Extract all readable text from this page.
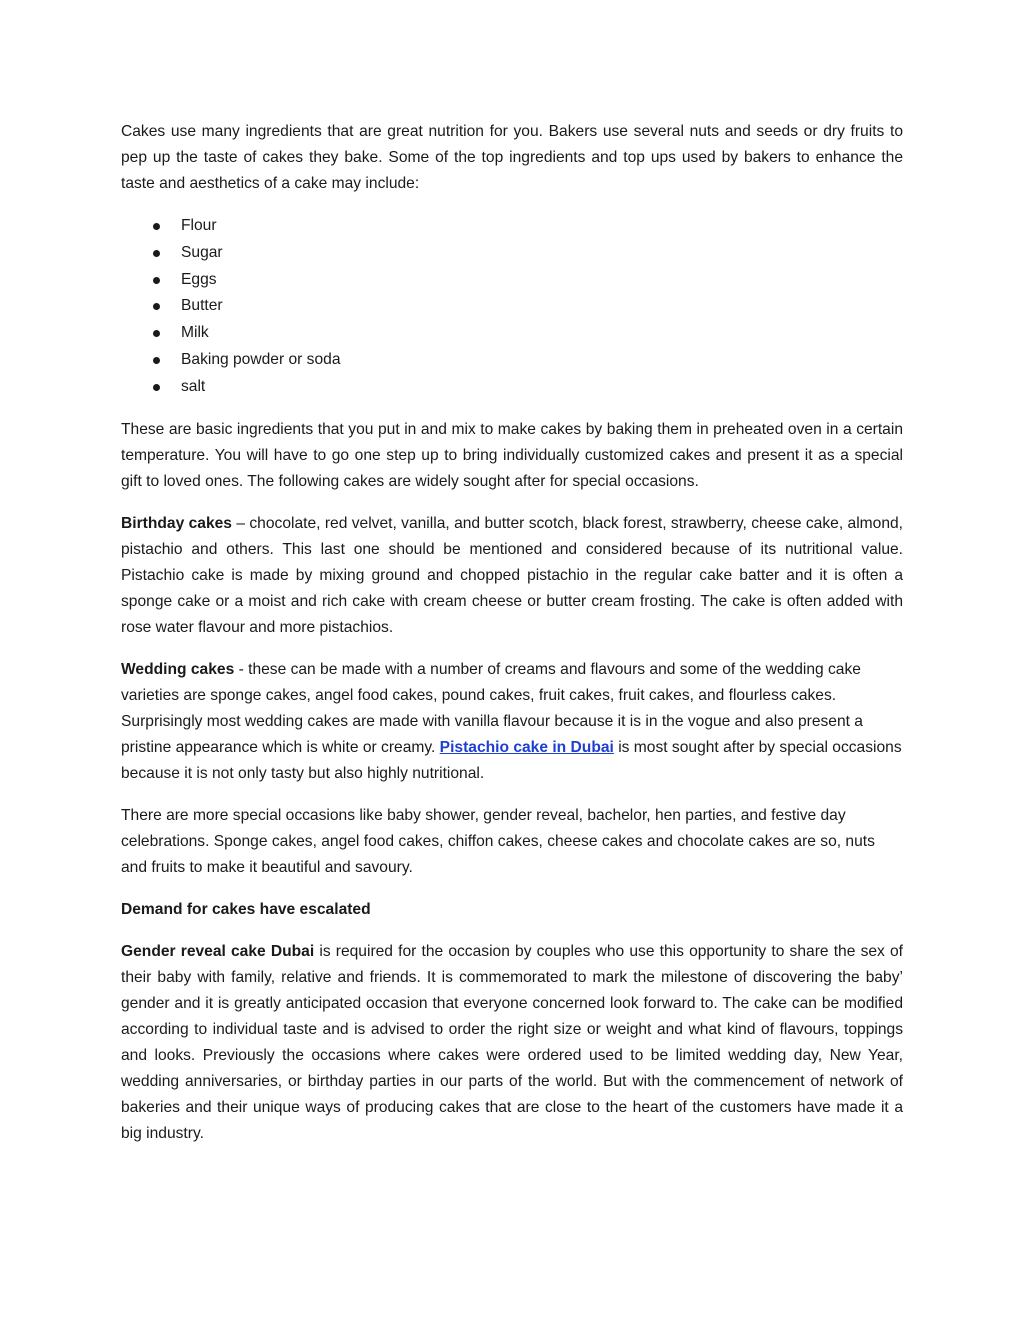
Cakes use many ingredients that are great nutrition for you. Bakers use several nuts and seeds or dry fruits to pep up the taste of cakes they bake. Some of the top ingredients and top ups used by bakers to enhance the taste and aesthetics of a cake may include:

Flour
Sugar
Eggs
Butter
Milk
Baking powder or soda
salt

These are basic ingredients that you put in and mix to make cakes by baking them in preheated oven in a certain temperature. You will have to go one step up to bring individually customized cakes and present it as a special gift to loved ones. The following cakes are widely sought after for special occasions.

Birthday cakes – chocolate, red velvet, vanilla, and butter scotch, black forest, strawberry, cheese cake, almond, pistachio and others. This last one should be mentioned and considered because of its nutritional value. Pistachio cake is made by mixing ground and chopped pistachio in the regular cake batter and it is often a sponge cake or a moist and rich cake with cream cheese or butter cream frosting. The cake is often added with rose water flavour and more pistachios.

Wedding cakes - these can be made with a number of creams and flavours and some of the wedding cake varieties are sponge cakes, angel food cakes, pound cakes, fruit cakes, fruit cakes, and flourless cakes. Surprisingly most wedding cakes are made with vanilla flavour because it is in the vogue and also present a pristine appearance which is white or creamy. Pistachio cake in Dubai is most sought after by special occasions because it is not only tasty but also highly nutritional.

There are more special occasions like baby shower, gender reveal, bachelor, hen parties, and festive day celebrations. Sponge cakes, angel food cakes, chiffon cakes, cheese cakes and chocolate cakes are so, nuts and fruits to make it beautiful and savoury.

Demand for cakes have escalated

Gender reveal cake Dubai is required for the occasion by couples who use this opportunity to share the sex of their baby with family, relative and friends. It is commemorated to mark the milestone of discovering the baby’ gender and it is greatly anticipated occasion that everyone concerned look forward to. The cake can be modified according to individual taste and is advised to order the right size or weight and what kind of flavours, toppings and looks. Previously the occasions where cakes were ordered used to be limited wedding day, New Year, wedding anniversaries, or birthday parties in our parts of the world. But with the commencement of network of bakeries and their unique ways of producing cakes that are close to the heart of the customers have made it a big industry.
